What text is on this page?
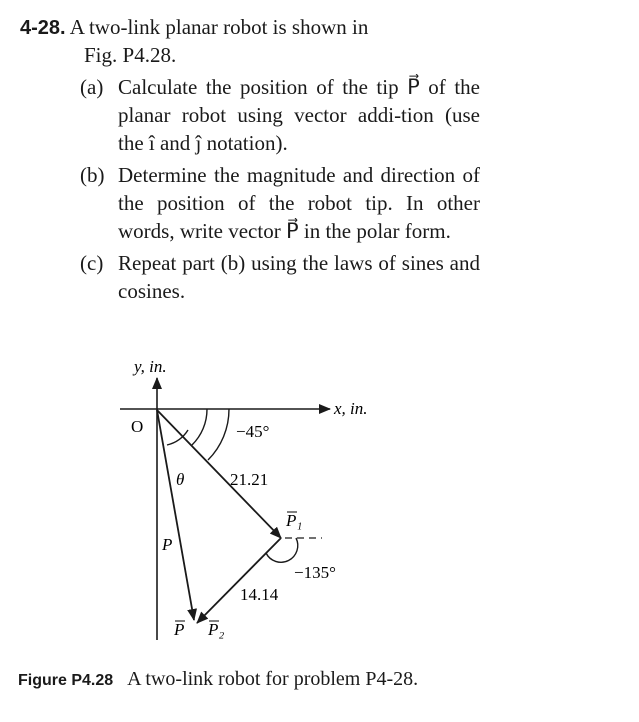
4-28. A two-link planar robot is shown in
Fig. P4.28.
(a) Calculate the position of the tip P⃗ of the planar robot using vector addi-tion (use the î and ĵ notation).
(b) Determine the magnitude and direction of the position of the robot tip. In other words, write vector P⃗ in the polar form.
(c) Repeat part (b) using the laws of sines and cosines.
y, in.
x, in.
O	−45°
θ	21.21
P₁
−135°
14.14
P
P P₂
Figure P4.28 A two-link robot for problem P4-28.
